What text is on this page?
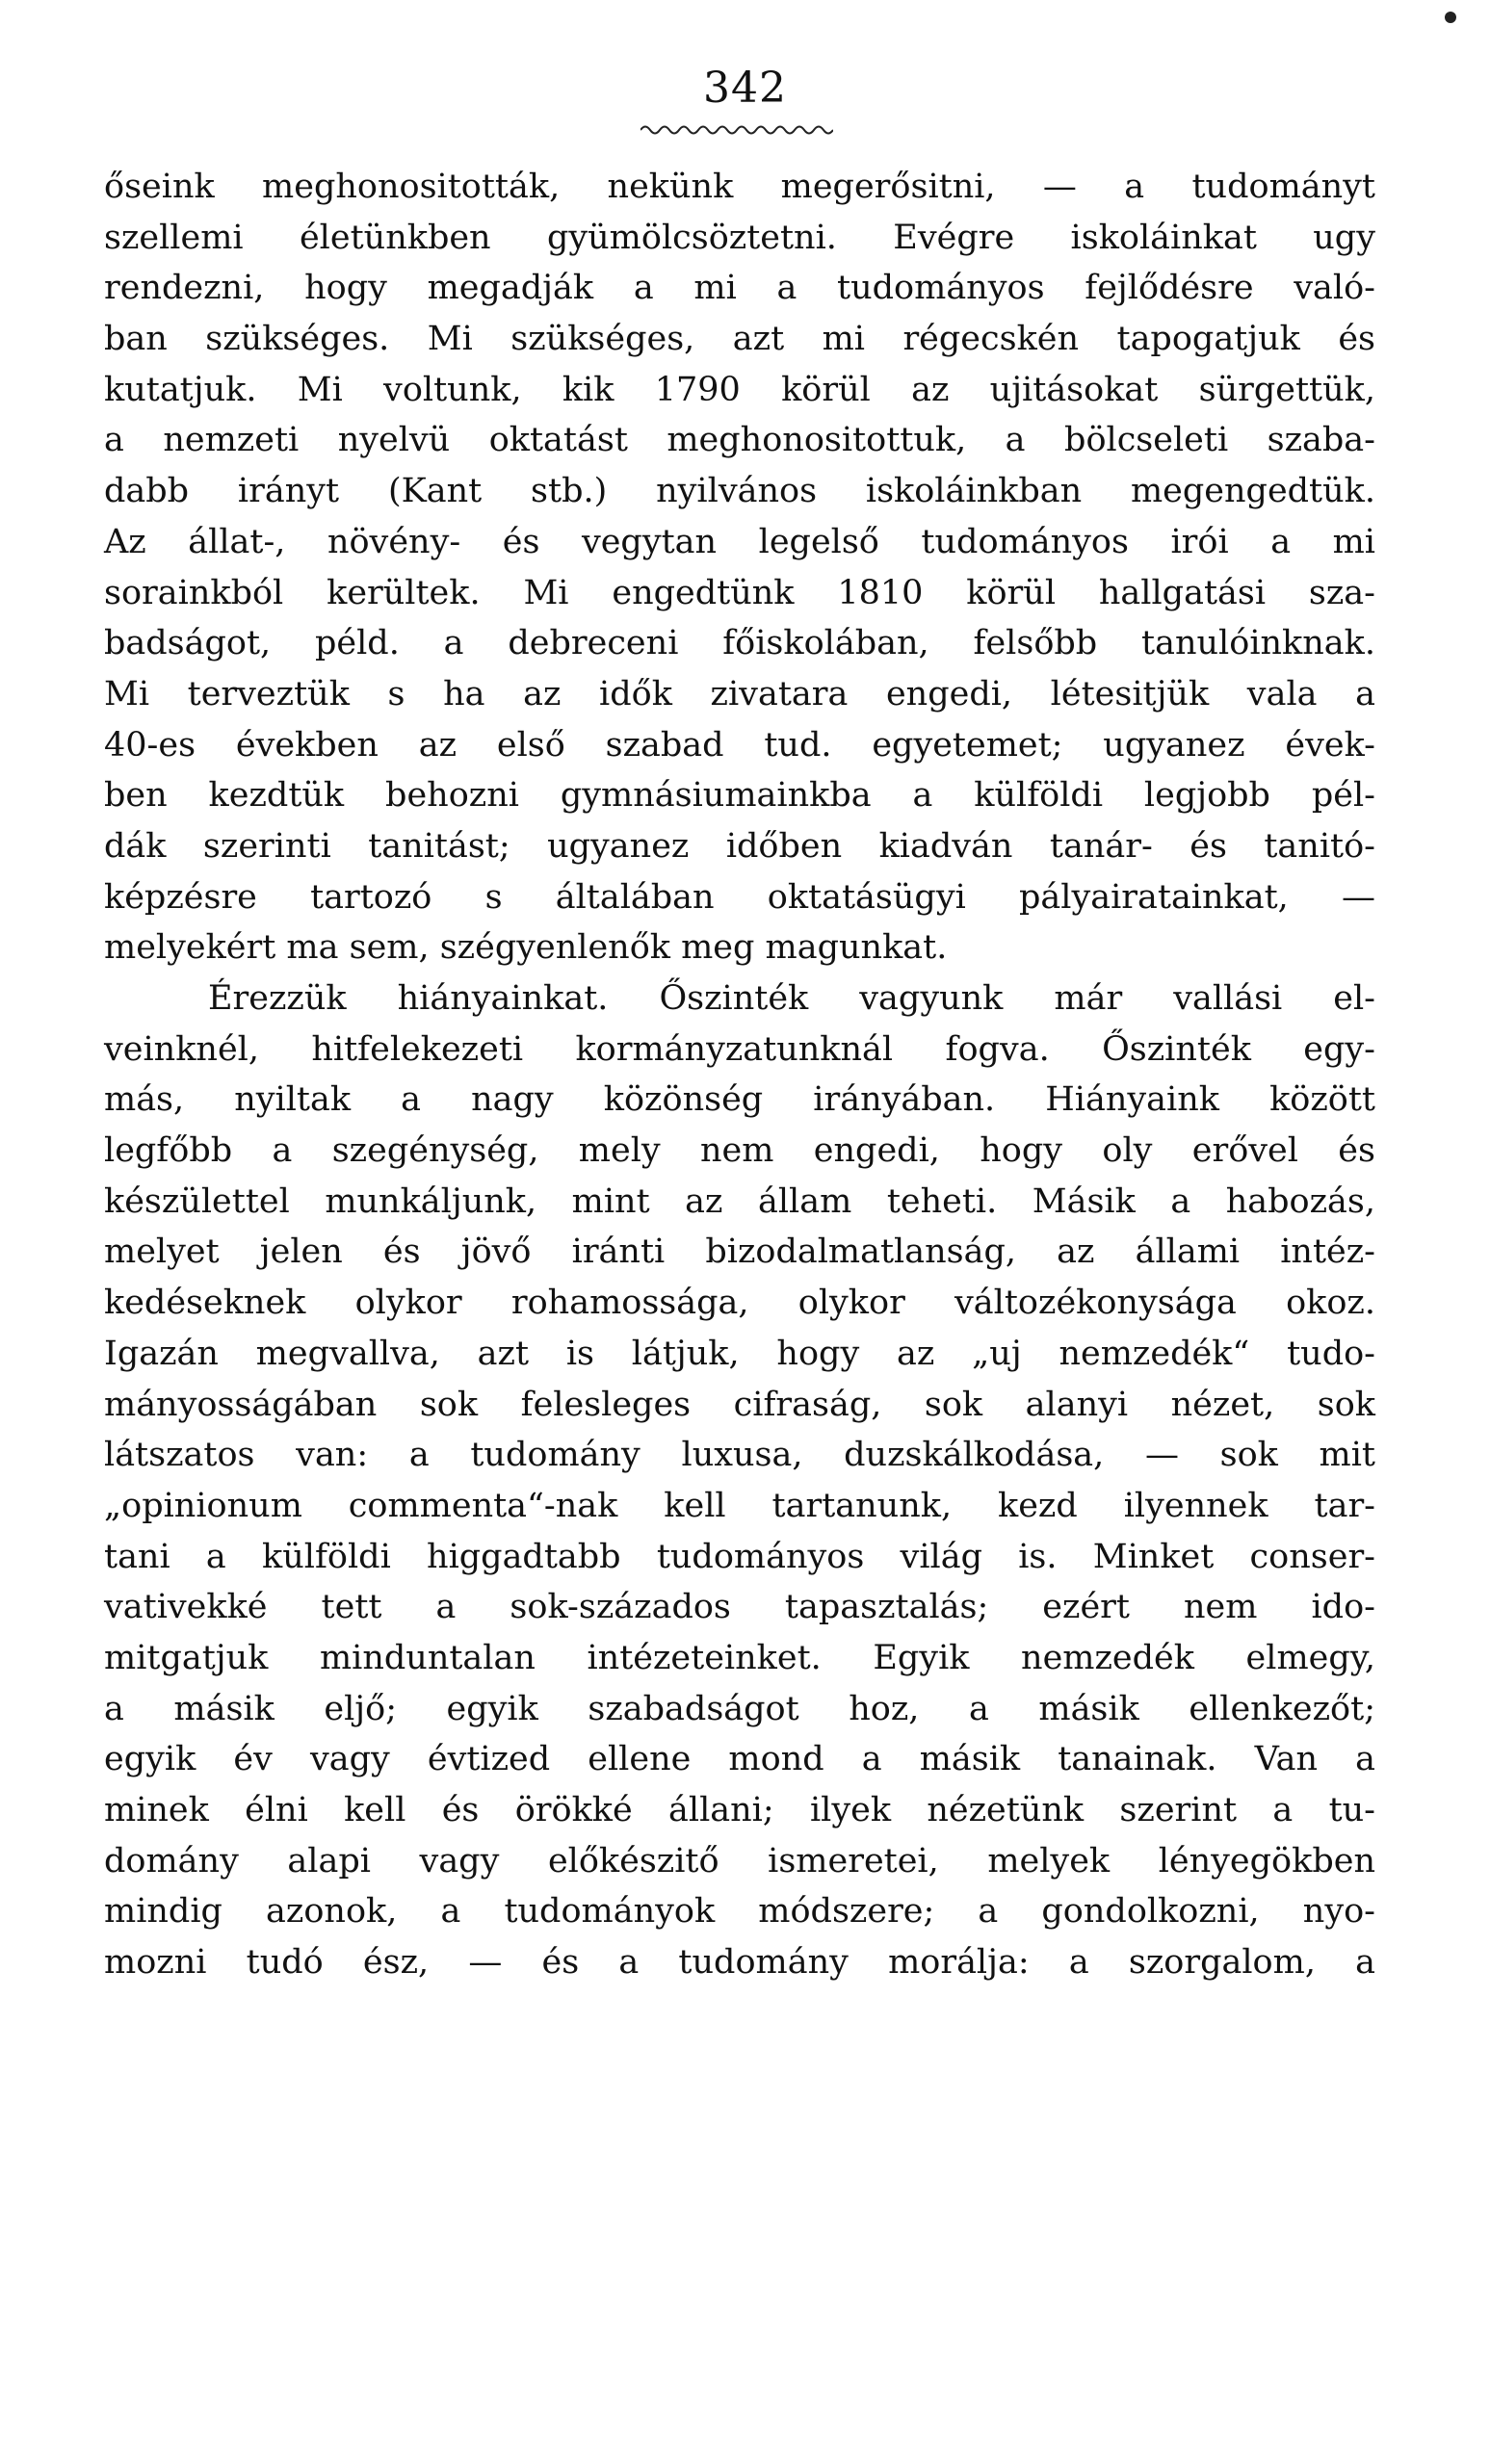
342
őseink meghonositották, nekünk megerősitni, — a tudományt
szellemi életünkben gyümölcsöztetni. Evégre iskoláinkat ugy
rendezni, hogy megadják a mi a tudományos fejlődésre való-
ban szükséges. Mi szükséges, azt mi régecskén tapogatjuk és
kutatjuk. Mi voltunk, kik 1790 körül az ujitásokat sürgettük,
a nemzeti nyelvü oktatást meghonositottuk, a bölcseleti szaba-
dabb irányt (Kant stb.) nyilvános iskoláinkban megengedtük.
Az állat-, növény- és vegytan legelső tudományos irói a mi
sorainkból kerültek. Mi engedtünk 1810 körül hallgatási sza-
badságot, péld. a debreceni főiskolában, felsőbb tanulóinknak.
Mi terveztük s ha az idők zivatara engedi, létesitjük vala a
40-es években az első szabad tud. egyetemet; ugyanez évek-
ben kezdtük behozni gymnásiumainkba a külföldi legjobb pél-
dák szerinti tanitást; ugyanez időben kiadván tanár- és tanitó-
képzésre tartozó s általában oktatásügyi pályairatainkat, —
melyekért ma sem, szégyenlenők meg magunkat.
Érezzük hiányainkat. Őszinték vagyunk már vallási el-
veinknél, hitfelekezeti kormányzatunknál fogva. Őszinték egy-
más, nyiltak a nagy közönség irányában. Hiányaink között
legfőbb a szegénység, mely nem engedi, hogy oly erővel és
készülettel munkáljunk, mint az állam teheti. Másik a habozás,
melyet jelen és jövő iránti bizodalmatlanság, az állami intéz-
kedéseknek olykor rohamossága, olykor változékonysága okoz.
Igazán megvallva, azt is látjuk, hogy az „uj nemzedék“ tudo-
mányosságában sok felesleges cifraság, sok alanyi nézet, sok
látszatos van: a tudomány luxusa, duzskálkodása, — sok mit
„opinionum commenta“-nak kell tartanunk, kezd ilyennek tar-
tani a külföldi higgadtabb tudományos világ is. Minket conser-
vativekké tett a sok-százados tapasztalás; ezért nem ido-
mitgatjuk minduntalan intézeteinket. Egyik nemzedék elmegy,
a másik eljő; egyik szabadságot hoz, a másik ellenkezőt;
egyik év vagy évtized ellene mond a másik tanainak. Van a
minek élni kell és örökké állani; ilyek nézetünk szerint a tu-
domány alapi vagy előkészitő ismeretei, melyek lényegökben
mindig azonok, a tudományok módszere; a gondolkozni, nyo-
mozni tudó ész, — és a tudomány morálja: a szorgalom, a
